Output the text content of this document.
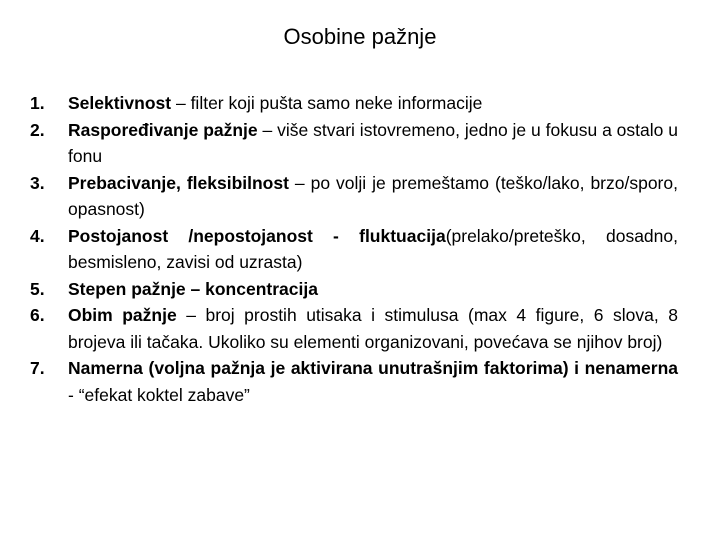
Osobine pažnje
1. Selektivnost – filter koji pušta samo neke informacije
2. Raspoređivanje pažnje – više stvari istovremeno, jedno je u fokusu a ostalo u fonu
3. Prebacivanje, fleksibilnost – po volji je premeštamo (teško/lako, brzo/sporo, opasnost)
4. Postojanost /nepostojanost - fluktuacija(prelako/preteško, dosadno, besmisleno, zavisi od uzrasta)
5. Stepen pažnje – koncentracija
6. Obim pažnje – broj prostih utisaka i stimulusa (max 4 figure, 6 slova, 8 brojeva ili tačaka. Ukoliko su elementi organizovani, povećava se njihov broj)
7. Namerna (voljna pažnja je aktivirana unutrašnjim faktorima) i nenamerna - “efekat koktel zabave”
